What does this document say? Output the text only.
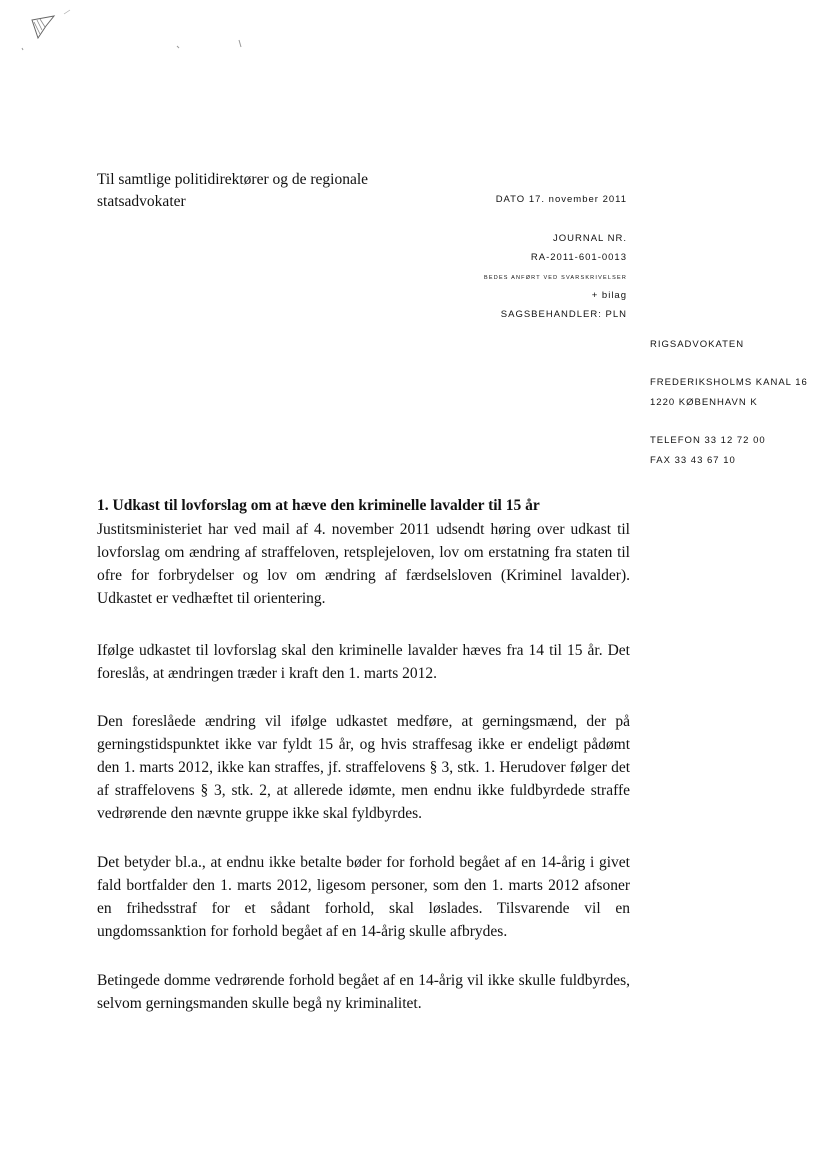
Til samtlige politidirektører og de regionale
statsadvokater	DATO 17. november 2011
JOURNAL NR.
RA-2011-601-0013
BEDES ANFØRT VED SVARSKRIVELSER
+ bilag
SAGSBEHANDLER: PLN
RIGSADVOKATEN
FREDERIKSHOLMS KANAL 16
1220 KØBENHAVN K
TELEFON 33 12 72 00
FAX 33 43 67 10
1. Udkast til lovforslag om at hæve den kriminelle lavalder til 15 år

Justitsministeriet har ved mail af 4. november 2011 udsendt høring over udkast til lovforslag om ændring af straffeloven, retsplejeloven, lov om erstatning fra staten til ofre for forbrydelser og lov om ændring af færdselsloven (Kriminel lavalder). Udkastet er vedhæftet til orientering.

Ifølge udkastet til lovforslag skal den kriminelle lavalder hæves fra 14 til 15 år. Det foreslås, at ændringen træder i kraft den 1. marts 2012.

Den foreslåede ændring vil ifølge udkastet medføre, at gerningsmænd, der på gerningstidspunktet ikke var fyldt 15 år, og hvis straffesag ikke er endeligt pådømt den 1. marts 2012, ikke kan straffes, jf. straffelovens § 3, stk. 1. Herudover følger det af straffelovens § 3, stk. 2, at allerede idømte, men endnu ikke fuldbyrdede straffe vedrørende den nævnte gruppe ikke skal fyldbyrdes.

Det betyder bl.a., at endnu ikke betalte bøder for forhold begået af en 14-årig i givet fald bortfalder den 1. marts 2012, ligesom personer, som den 1. marts 2012 afsoner en frihedsstraf for et sådant forhold, skal løslades. Tilsvarende vil en ungdomssanktion for forhold begået af en 14-årig skulle afbrydes.

Betingede domme vedrørende forhold begået af en 14-årig vil ikke skulle fuldbyrdes, selvom gerningsmanden skulle begå ny kriminalitet.
